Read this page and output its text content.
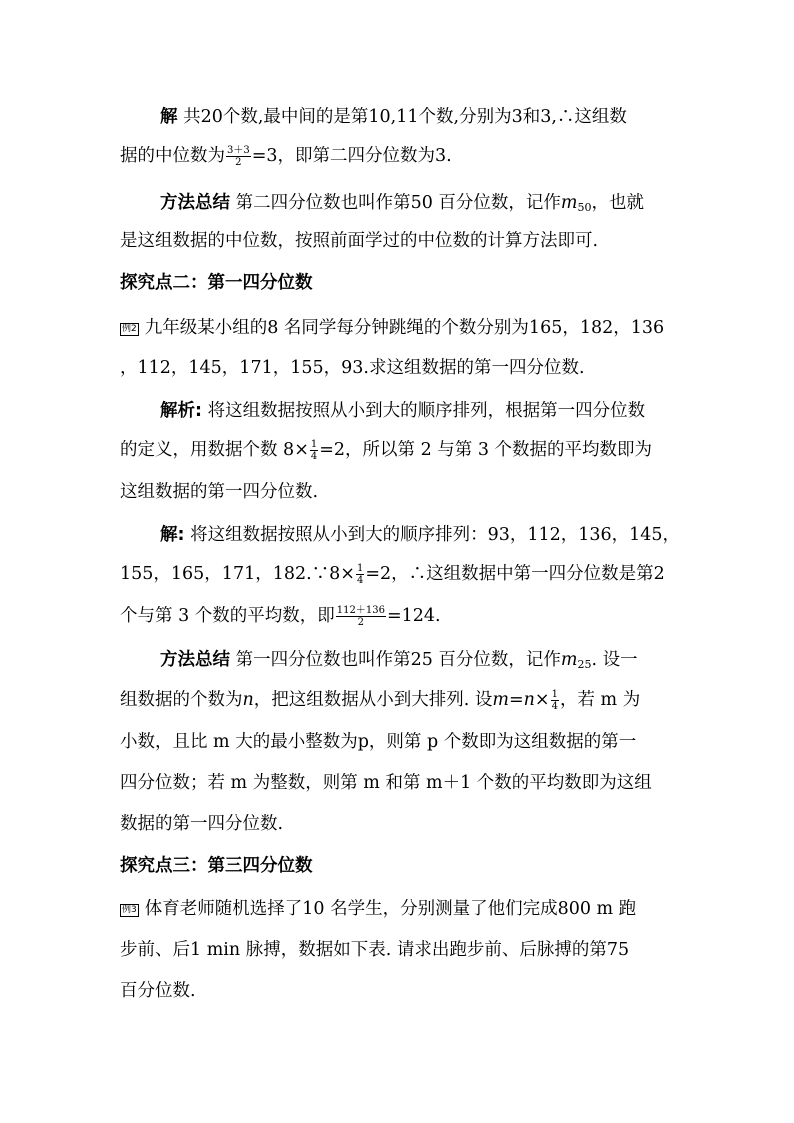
解 共20个数,最中间的是第10,11个数,分别为3和3,∴这组数
据的中位数为 $\frac{3+3}{2} =3$，即第二四分位数为3.
方法总结 第二四分位数也叫作第50 百分位数，记作$m_{50}$，也就
是这组数据的中位数，按照前面学过的中位数的计算方法即可.
探究点二：第一四分位数
例2 九年级某小组的8 名同学每分钟跳绳的个数分别为165，182，136
，112，145，171，155，93.求这组数据的第一四分位数.
解析: 将这组数据按照从小到大的顺序排列，根据第一四分位数
的定义，用数据个数 $8\times \frac{1}{4} =2$，所以第 2 与第 3 个数据的平均数即为
这组数据的第一四分位数.
解: 将这组数据按照从小到大的顺序排列：93，112，136，145，
155，165，171，182.∵8× $\frac{1}{4} =2$，∴这组数据中第一四分位数是第2
个与第 3 个数的平均数，即 $\frac{112+136}{2} =124$.
方法总结 第一四分位数也叫作第25 百分位数，记作$m_{25}$. 设一
组数据的个数为n，把这组数据从小到大排列. 设$m=n\times \frac{1}{4}$ ，若 m 为
小数，且比 m 大的最小整数为p，则第 p 个数即为这组数据的第一
四分位数；若 m 为整数，则第 m 和第 m＋1 个数的平均数即为这组
数据的第一四分位数.
探究点三：第三四分位数
例3 体育老师随机选择了10 名学生，分别测量了他们完成800 m 跑
步前、后1 min 脉搏，数据如下表. 请求出跑步前、后脉搏的第75
百分位数.
